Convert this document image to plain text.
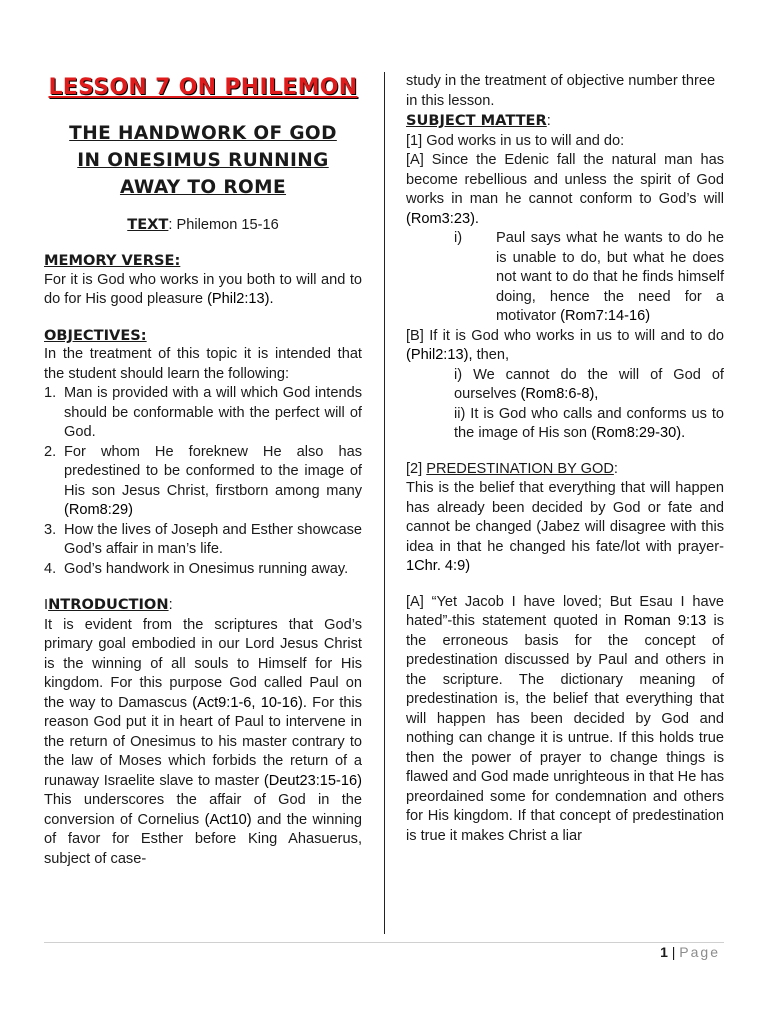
LESSON 7 ON PHILEMON
THE HANDWORK OF GOD
IN ONESIMUS RUNNING
AWAY TO ROME
TEXT: Philemon 15-16
MEMORY VERSE:
For it is God who works in you both to will and to do for His good pleasure (Phil2:13).
OBJECTIVES:
In the treatment of this topic it is intended that the student should learn the following:
1. Man is provided with a will which God intends should be conformable with the perfect will of God.
2. For whom He foreknew He also has predestined to be conformed to the image of His son Jesus Christ, firstborn among many (Rom8:29)
3. How the lives of Joseph and Esther showcase God’s affair in man’s life.
4. God’s handwork in Onesimus running away.
INTRODUCTION:
It is evident from the scriptures that God’s primary goal embodied in our Lord Jesus Christ is the winning of all souls to Himself for His kingdom. For this purpose God called Paul on the way to Damascus (Act9:1-6, 10-16). For this reason God put it in heart of Paul to intervene in the return of Onesimus to his master contrary to the law of Moses which forbids the return of a runaway Israelite slave to master (Deut23:15-16) This underscores the affair of God in the conversion of Cornelius (Act10) and the winning of favor for Esther before King Ahasuerus, subject of case-
study in the treatment of objective number three in this lesson.
SUBJECT MATTER:
[1] God works in us to will and do:
[A] Since the Edenic fall the natural man has become rebellious and unless the spirit of God works in man he cannot conform to God’s will (Rom3:23).
i) Paul says what he wants to do he is unable to do, but what he does not want to do that he finds himself doing, hence the need for a motivator (Rom7:14-16)
[B] If it is God who works in us to will and to do (Phil2:13), then,
i) We cannot do the will of God of ourselves (Rom8:6-8),
ii) It is God who calls and conforms us to the image of His son (Rom8:29-30).
[2] PREDESTINATION BY GOD:
This is the belief that everything that will happen has already been decided by God or fate and cannot be changed (Jabez will disagree with this idea in that he changed his fate/lot with prayer-1Chr. 4:9)
[A] “Yet Jacob I have loved; But Esau I have hated”-this statement quoted in Roman 9:13 is the erroneous basis for the concept of predestination discussed by Paul and others in the scripture. The dictionary meaning of predestination is, the belief that everything that will happen has been decided by God and nothing can change it is untrue. If this holds true then the power of prayer to change things is flawed and God made unrighteous in that He has preordained some for condemnation and others for His kingdom. If that concept of predestination is true it makes Christ a liar
1 | Page
